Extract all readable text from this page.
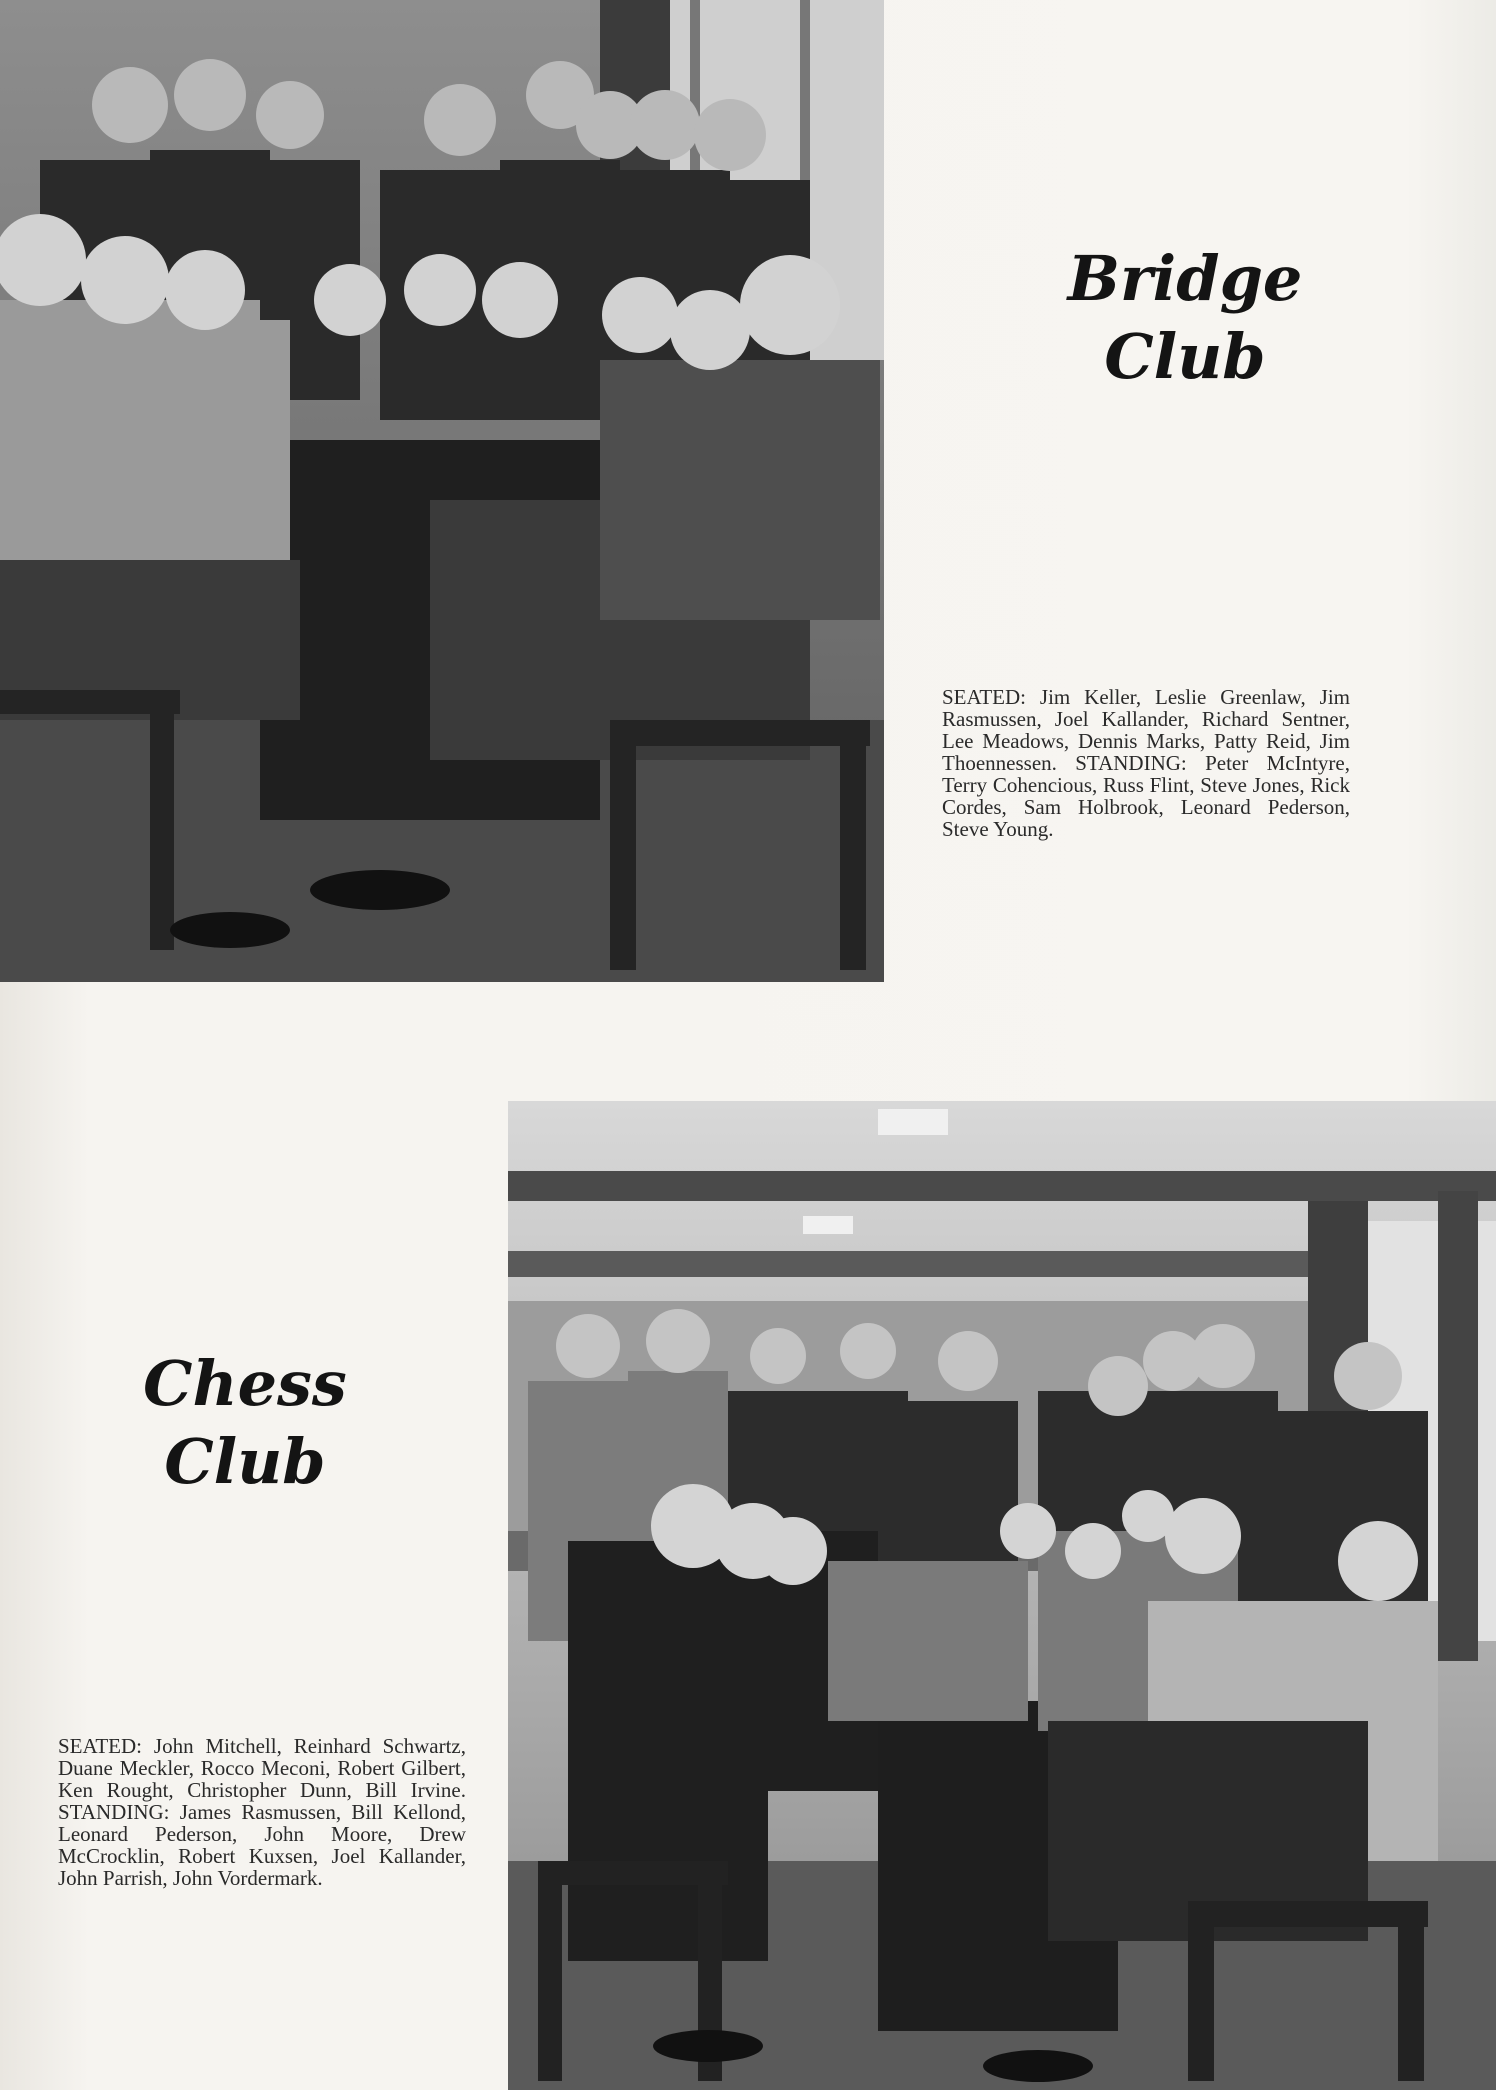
Bridge
Club

SEATED: Jim Keller, Leslie Greenlaw, Jim Rasmussen, Joel Kallander, Richard Sentner, Lee Meadows, Dennis Marks, Patty Reid, Jim Thoennessen. STANDING: Peter McIntyre, Terry Cohencious, Russ Flint, Steve Jones, Rick Cordes, Sam Holbrook, Leonard Pederson, Steve Young.

Chess
Club

SEATED: John Mitchell, Reinhard Schwartz, Duane Meckler, Rocco Meconi, Robert Gilbert, Ken Rought, Christopher Dunn, Bill Irvine. STANDING: James Rasmussen, Bill Kellond, Leonard Pederson, John Moore, Drew McCrocklin, Robert Kuxsen, Joel Kallander, John Parrish, John Vordermark.
